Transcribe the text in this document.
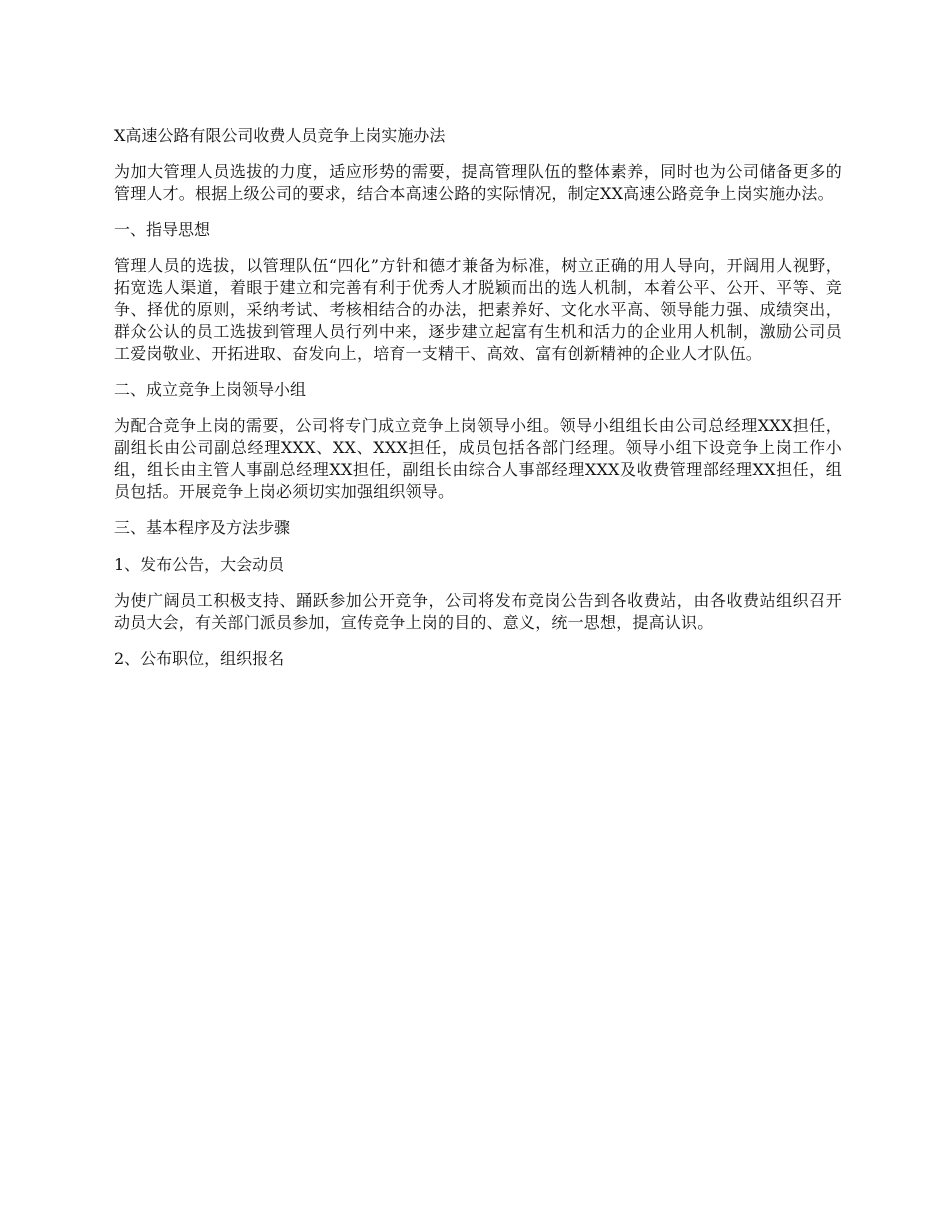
X高速公路有限公司收费人员竞争上岗实施办法

为加大管理人员选拔的力度，适应形势的需要，提高管理队伍的整体素养，同时也为公司储备更多的管理人才。根据上级公司的要求，结合本高速公路的实际情况，制定XX高速公路竞争上岗实施办法。

一、指导思想

管理人员的选拔，以管理队伍“四化”方针和德才兼备为标准，树立正确的用人导向，开阔用人视野，拓宽选人渠道，着眼于建立和完善有利于优秀人才脱颖而出的选人机制，本着公平、公开、平等、竞争、择优的原则，采纳考试、考核相结合的办法，把素养好、文化水平高、领导能力强、成绩突出，群众公认的员工选拔到管理人员行列中来，逐步建立起富有生机和活力的企业用人机制，激励公司员工爱岗敬业、开拓进取、奋发向上，培育一支精干、高效、富有创新精神的企业人才队伍。

二、成立竞争上岗领导小组

为配合竞争上岗的需要，公司将专门成立竞争上岗领导小组。领导小组组长由公司总经理XXX担任，副组长由公司副总经理XXX、XX、XXX担任，成员包括各部门经理。领导小组下设竞争上岗工作小组，组长由主管人事副总经理XX担任，副组长由综合人事部经理XXX及收费管理部经理XX担任，组员包括。开展竞争上岗必须切实加强组织领导。

三、基本程序及方法步骤

1、发布公告，大会动员

为使广阔员工积极支持、踊跃参加公开竞争，公司将发布竞岗公告到各收费站，由各收费站组织召开动员大会，有关部门派员参加，宣传竞争上岗的目的、意义，统一思想，提高认识。

2、公布职位，组织报名
